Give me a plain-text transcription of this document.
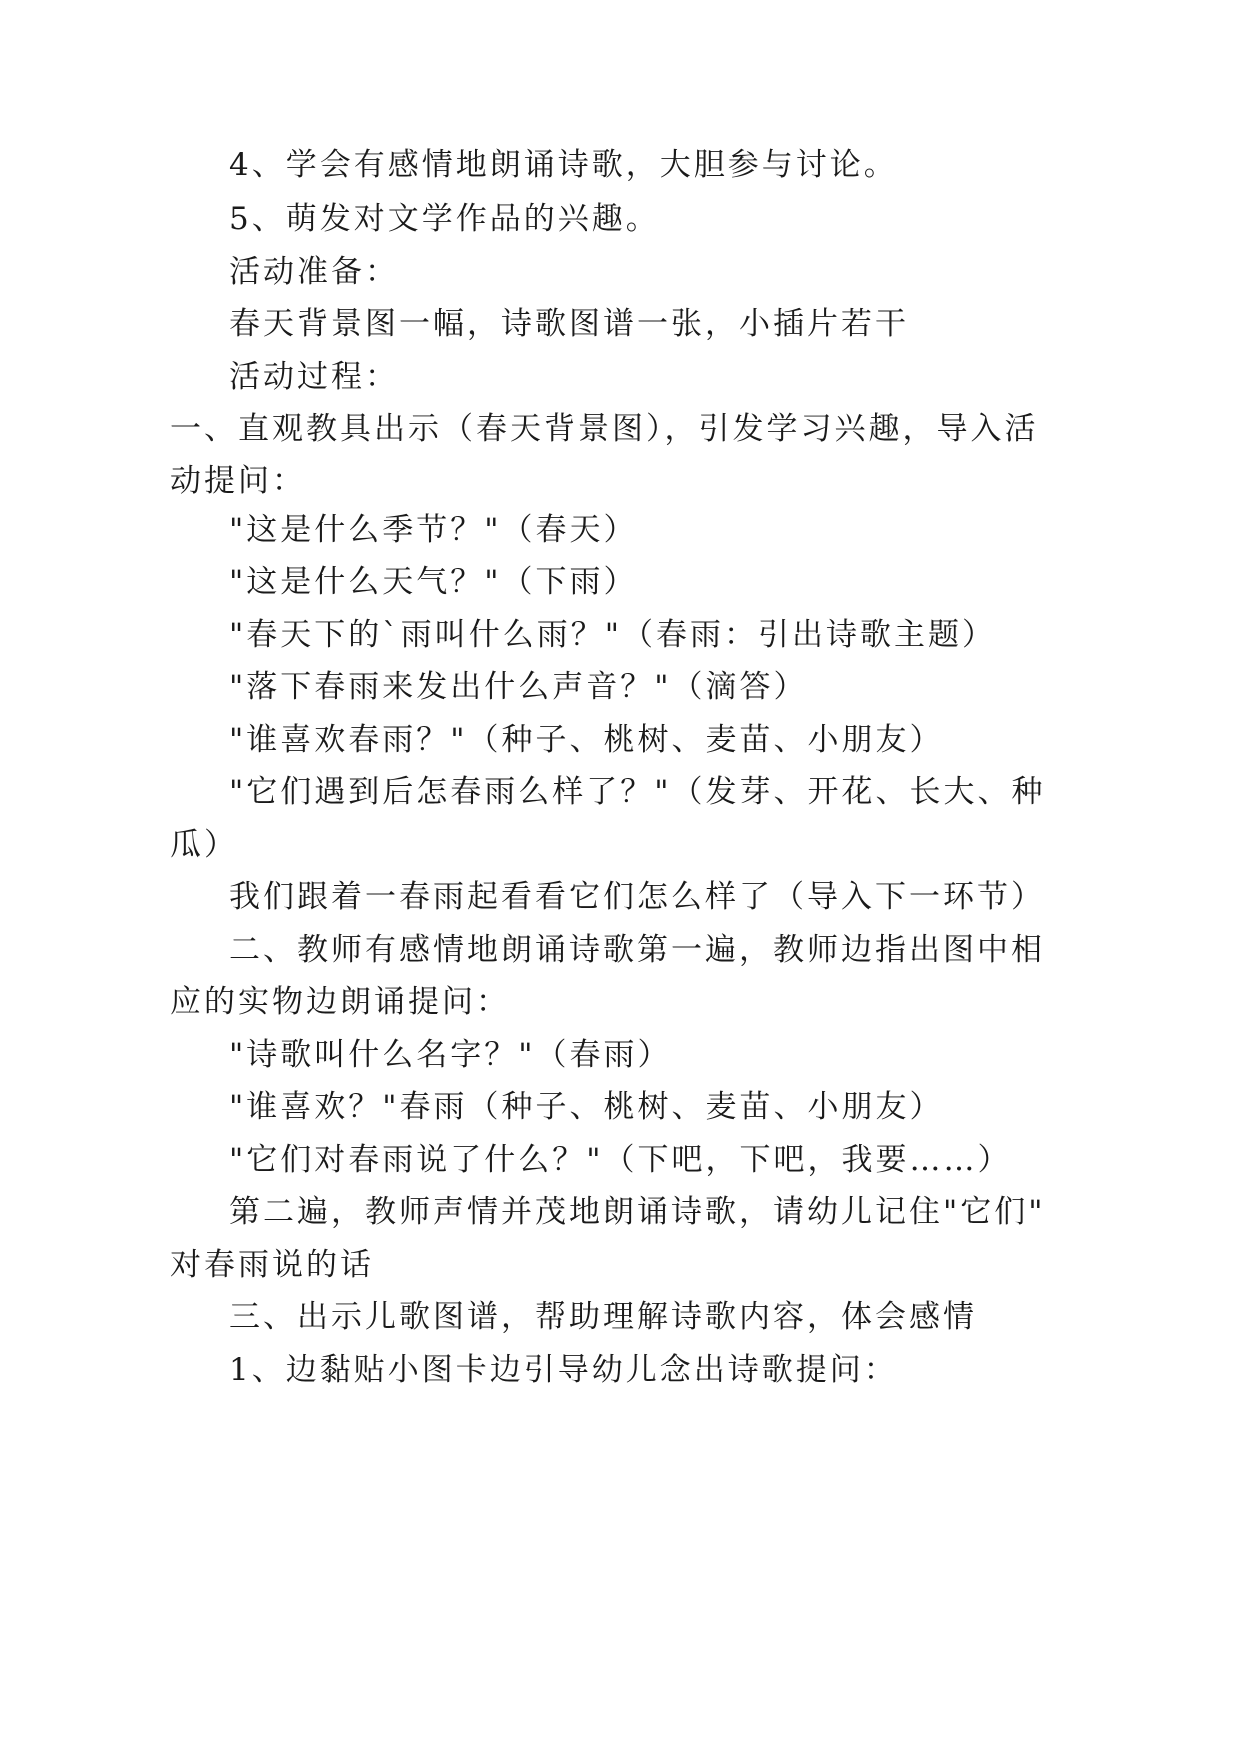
4、学会有感情地朗诵诗歌，大胆参与讨论。
5、萌发对文学作品的兴趣。
活动准备：
春天背景图一幅，诗歌图谱一张，小插片若干
活动过程：
一、直观教具出示（春天背景图），引发学习兴趣，导入活
动提问：
"这是什么季节？"（春天）
"这是什么天气？"（下雨）
"春天下的`雨叫什么雨？"（春雨：引出诗歌主题）
"落下春雨来发出什么声音？"（滴答）
"谁喜欢春雨？"（种子、桃树、麦苗、小朋友）
"它们遇到后怎春雨么样了？"（发芽、开花、长大、种
瓜）
我们跟着一春雨起看看它们怎么样了（导入下一环节）
二、教师有感情地朗诵诗歌第一遍，教师边指出图中相
应的实物边朗诵提问：
"诗歌叫什么名字？"（春雨）
"谁喜欢？"春雨（种子、桃树、麦苗、小朋友）
"它们对春雨说了什么？"（下吧，下吧，我要……）
第二遍，教师声情并茂地朗诵诗歌，请幼儿记住"它们"
对春雨说的话
三、出示儿歌图谱，帮助理解诗歌内容，体会感情
1、边黏贴小图卡边引导幼儿念出诗歌提问：
